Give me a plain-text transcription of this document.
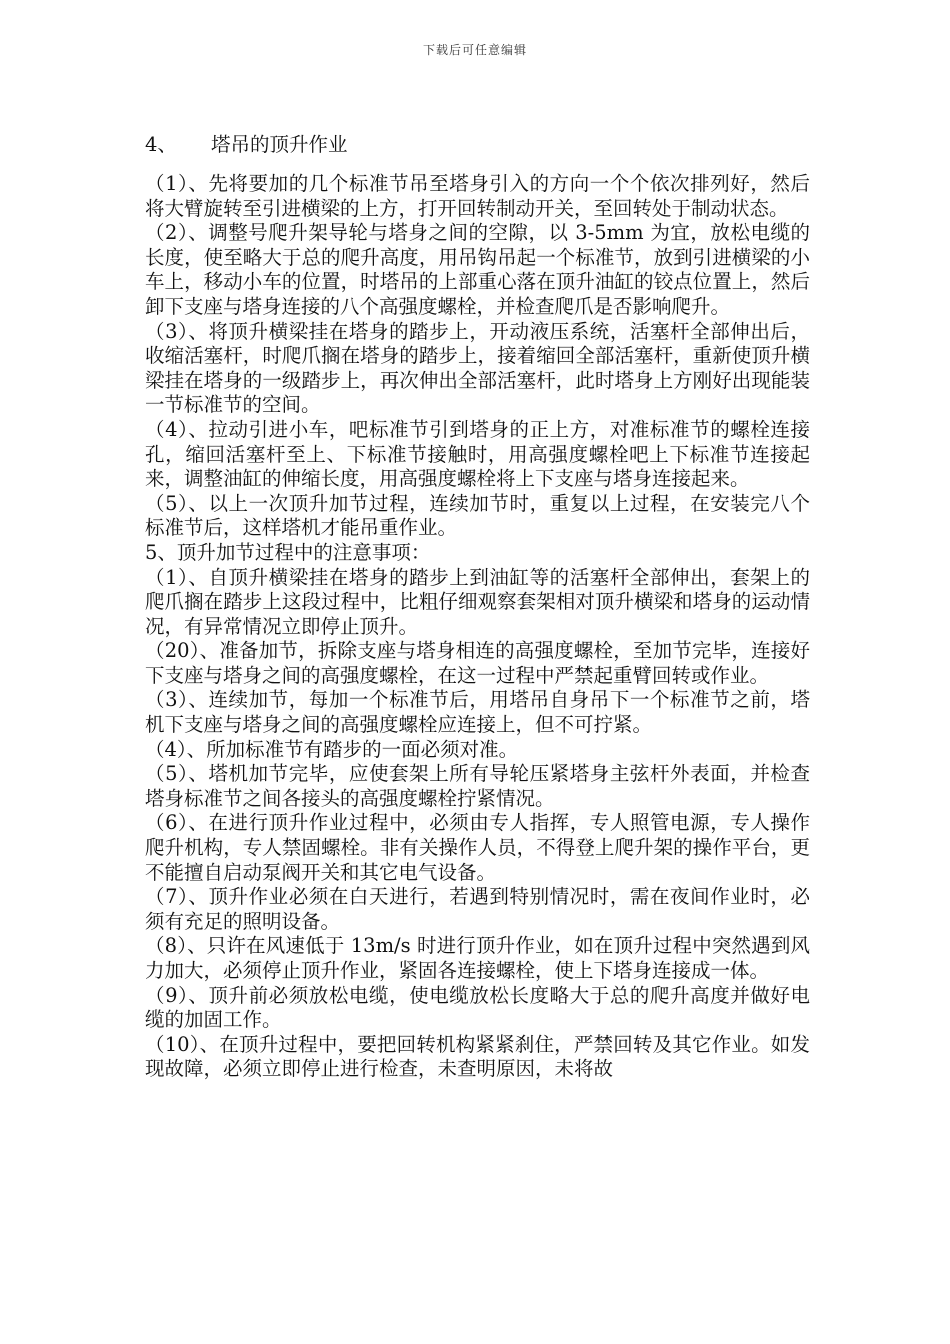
下载后可任意编辑
4、 塔吊的顶升作业

（1）、先将要加的几个标准节吊至塔身引入的方向一个个依次排列好，然后将大臂旋转至引进横梁的上方，打开回转制动开关，至回转处于制动状态。

（2）、调整号爬升架导轮与塔身之间的空隙，以 3-5mm 为宜，放松电缆的长度，使至略大于总的爬升高度，用吊钩吊起一个标准节，放到引进横梁的小车上，移动小车的位置，时塔吊的上部重心落在顶升油缸的铰点位置上，然后卸下支座与塔身连接的八个高强度螺栓，并检查爬爪是否影响爬升。

（3）、将顶升横梁挂在塔身的踏步上，开动液压系统，活塞杆全部伸出后，收缩活塞杆，时爬爪搁在塔身的踏步上，接着缩回全部活塞杆，重新使顶升横梁挂在塔身的一级踏步上，再次伸出全部活塞杆，此时塔身上方刚好出现能装一节标准节的空间。

（4）、拉动引进小车，吧标准节引到塔身的正上方，对准标准节的螺栓连接孔，缩回活塞杆至上、下标准节接触时，用高强度螺栓吧上下标准节连接起来，调整油缸的伸缩长度，用高强度螺栓将上下支座与塔身连接起来。

（5）、以上一次顶升加节过程，连续加节时，重复以上过程，在安装完八个标准节后，这样塔机才能吊重作业。

5、顶升加节过程中的注意事项：

（1）、自顶升横梁挂在塔身的踏步上到油缸等的活塞杆全部伸出，套架上的爬爪搁在踏步上这段过程中，比粗仔细观察套架相对顶升横梁和塔身的运动情况，有异常情况立即停止顶升。

（20）、准备加节，拆除支座与塔身相连的高强度螺栓，至加节完毕，连接好下支座与塔身之间的高强度螺栓，在这一过程中严禁起重臂回转或作业。

（3）、连续加节，每加一个标准节后，用塔吊自身吊下一个标准节之前，塔机下支座与塔身之间的高强度螺栓应连接上，但不可拧紧。

（4）、所加标准节有踏步的一面必须对准。

（5）、塔机加节完毕，应使套架上所有导轮压紧塔身主弦杆外表面，并检查塔身标准节之间各接头的高强度螺栓拧紧情况。

（6）、在进行顶升作业过程中，必须由专人指挥，专人照管电源，专人操作爬升机构，专人禁固螺栓。非有关操作人员，不得登上爬升架的操作平台，更不能擅自启动泵阀开关和其它电气设备。

（7）、顶升作业必须在白天进行，若遇到特别情况时，需在夜间作业时，必须有充足的照明设备。

（8）、只许在风速低于 13m/s 时进行顶升作业，如在顶升过程中突然遇到风力加大，必须停止顶升作业，紧固各连接螺栓，使上下塔身连接成一体。

（9）、顶升前必须放松电缆，使电缆放松长度略大于总的爬升高度并做好电缆的加固工作。

（10）、在顶升过程中，要把回转机构紧紧刹住，严禁回转及其它作业。如发现故障，必须立即停止进行检查，未查明原因，未将故
